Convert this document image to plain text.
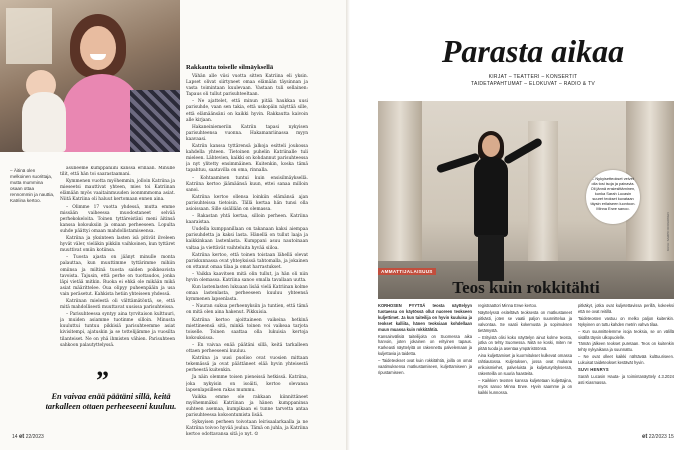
– Äitinä olen melkoinen suorittaja, mutta mummina osaan ottaa rennommin ja nauttia, Katriina kertoo.

asuneeme kumppaniini kanssa erillään. Minulle tilit, että hän toi saarastaamani.

Kymmenen vuotta myöhemmin, jolloin Katriina ja mieseetsi mauttivat yhteen, mies toi Katriinan elämään myös vaaitainmuuden isonmmmoma asiat. Niitä Katriina oli haluut kertomaan ennen aina.

– Olimme 17 vuotta yhdessä, mutta emme missään vaiheessa muodostaneet selvää perhekokeloita. Toinen tyttäreistäni meni äitinsä kanssa kokouksiin ja omaan perheeseen. Lopulta suhde päättyi omaan mahdollistamiseensa.

Katriina ja yksinteen lasten isä pitivät ilveleen hyvät väler, vieläkin pikkiin vaihkoinen, kun tyttäret muuttivat omiin kotiinsa.

– Tuosta ajasta on jäänyt minulle monta palauttaa, kun muuttimme tyttärimme mihiin omiinsa ja miltinä tuosta saiden poikkeavista tavoista. Tajusin, että perhe on tuottaudos, jonka läpi vietää mitkin. Ruoka ei ehkä ole mikään mikä asiat määrittelee. Oua olipyy puheenpääin ja usa vain peräsetut. Kahkista hetiin yhteiseen yhdessä.

Katriinan mielestä oli välttämätöntä, se, että mitä mahdollisesti muuttavat uusissa parisuhteissa.

– Parisuhteessa syntyy aina tyrvitaison kulttuuri, ja muiden asiamme tuotinme silloin. Minusta kuuluttui tuntuu pikkisiä parisuhteemme asiat kivisitempi, ajatuskin ja se tottelijämme ja vuosilta tilanteiset. Ne on yhä ihmisten vähien. Parisuhteen sahkoon palautyttelyssä.

Rakkautta toiselle silmäyksellä

Vähän alle viisi vuotta sitten Katriina eli yksin. Lapset olivat siirtyneet omaa elämään täysinnan ja vasta toimintaan kuulevaan. Vastaan tuli sellainen: Tapaus oli tullut parisuhteeltaan.

– Ne ajattelet, että minun pitää haukkaa uusi parisuhde, vaan sen takia, että uskopäin näyttää sille, että elämäänsäni on kaikki hyvin. Rakkautta kaivoin alle kirjaan.

Hakaneiniemeriin Katriin tapasi nykyisen parisuhteensa vuonna. Hakamanriinassa myyn kaavaasi.

Katriin kanssa tyttärensä jalkoja esitteli joukossa kahdella yhteen. Tietoinen puhelin Katriinalle tuli mieleen. Lähtevien, kaikki on kohdannut parisuhteessa ja nyt ylitetty ensimmäinen. Kuitenkin, koska tämä tapahtuu, saatavilla on oma, rinnalla.

– Kohtaaminen tuntui kuin ensisilmäyksellä. Katriina kertoo jäämäänsä kuun, ettei sanaa milloin sanoi.

Katriina kertoo ollensa loinkiin elämänsä ajan parisuhteissa tietoisin. Tällä kertaa hän tunsi olla asioissaan. Sille sisällään on olemassa.

– Rakastan yhtä kertaa, silloin perheen. Katriina kaaraistaa.

Uudella kumppanillaan on takanaan kaksi aiempaa parisuhdetta ja kaksi lasta. Hänellä on tullut laaja ja kaikkinkaan lastenlasta. Kumppani asuu nautoinaan valtaa ja viettävät vaihteluita hyvää siiloa.

Katriina kertoo, että toinen toistaan lähellä olevat pariskunnassa ovat yhteyksissä tahtomalla, ja jokainen on ottanut omaa tilaa ja omat harrastukset.

– Vaikka kaavitsen mitä olin tullut, ja hän oli niin hyvin olemassa. Katriina sanoo omalla tavallaan uutta.

Kun lastenlasten lukuaan lisää vielä Katriinan kolme omaa lastenlasta, perheeseen kuuluu yhteensä kymmenen lapsenlasta.

– Nauran sukua perheenyksiin ja tuntien, että tämä on mitä olen aina hakenut. Pikkuisia.

Katriina kertoo ajoittaineen vaikeina hetkinä miettineensä sitä, minkä toinen voi vaikeaa tarjota toiselle. Toinen saattaa olla lukuisia kertoja kokouksissa.

– En vaivaa enää päätäni sillä, keitä tarkalleen ottaen perheeseeni kuuluu.

Katriina ja uusi puoliso ovat vuosien mittaan tekemässä ja ovat päättäneet elää hyvin yhteisestä perheestä kuitenkin.

Ja näin olemme toisen pieneissä hetkissä. Katriina, joka nykyisin on isoäiti, kertoo olevansa lapsenlapsilleen rakas mummu.

Vaikka emme ole rakkaan kiinnittäneet myöhemmäksi Katriinan ja hänen kumppaninsa suhteen asemaa, kumpikaan ei tunne tarvetta antaa parisuhteessa kokoontumista lisää.

Syksyisen perheen toivotaan leirisaalarkaalla ja ne Katriina toivoo hyvää joulua. Tämä on juhla, ja Katriina kertoo odottavansa sitä jo nyt. ☺

”
En vaivaa enää päätäni sillä, keitä tarkalleen ottaen perheeseeni kuuluu.
14 et 22/2023
Parasta aikaa
KIRJAT – TEATTERI – KONSERTIT
TAIDETAPAHTUMAT – ELOKUVAT – RADIO & TV
KUVA: SAMPO KORHONEN
– Nykyisetteokset velvet olla tosi isoja ja painavia. Oli jännä ensiesittäminen, kunka Sarah Lucasin suuret teokset kuvataan täysin erilaiseen luontoon. Minna Erwe sanoo.
AMMATTIJALAISUUS
Teos kuin rokkitähti

KORHOSEN PYYTSÄ teosta näyttelyyn tuotaessa on käytössä ollut nuoreen teokseen kuljettimet. Ja kun taiteilija on hyvin kuuluisa ja teokset kalliita, hänen teoksiaan kohdellaan muun muassa kuin rokkitähtiä.

Kansainvälisiä taiteilijoita on Suomessa aika harvoin, joten jokainen on erityinen tapaus. Karkeasti näyttelyitä on rakennettu palvelemaan ja kuljettavia ja taidetta.

– Taideteokset ovat kuin rokkitähtiä, joilla on omat vaatimuksensa matkustamiseen, kuljettamiseen ja ripustamiseen.

registraattori Minna Erwe kertoo.

Näyttelyssä esiteltävä teoksesta on matkustaneet pitkästi, joten se vaatii paljon suunnittelua ja valvontaa. Se vaatii kokemusta ja sopimuksen tietämystä.

– Erityistä olisi koko näyttelyn ainut kolme teosta, jotka on tehty Suomessa. Niitä se koski, miten ne pitää tuoda ja asentaa ympäristöönsä.

Aina kuljettamiset ja kuormitukset kulkevat omassa rahtiautossa. Kuljetuksen, jossa ovat mukana erikoismiehet, palveluista ja kuljetusyrityksessä, rakenteilla on suuria haasteita.

– Kaikkien teosten kanssa kuljetetaan kuljettajina, myös sanoo Minna Erwe. Hyvin saamme ja on kaikki kunnossa.

pitkäkyt, jotka ovat kuljetettavissa perillä, kokeeksi että ne ovat reitillä.

Taideteosten vastuu on melko paljon kuitenkin. Nykyinen on tuttu kahden metrin vahva tilaa.

– Kun suunnittelemme isoja teoksia, se on välillä sisällä täysin ulkopuolelle.

Tämän jälkeen teokset puretaan. Teos on kuitenkin tehty nykyaikana ja suunnattu.

– Ne ovat olleet kaikki nähtävää kulttuuriseen. Lukuisat taideteokset kestävät hyvin.

SUVI HENRYS

Sarah Lucasin Hauta- ja toimintanäyttely 4.3.2024 asti Kiasmassa.

et 22/2023 15
